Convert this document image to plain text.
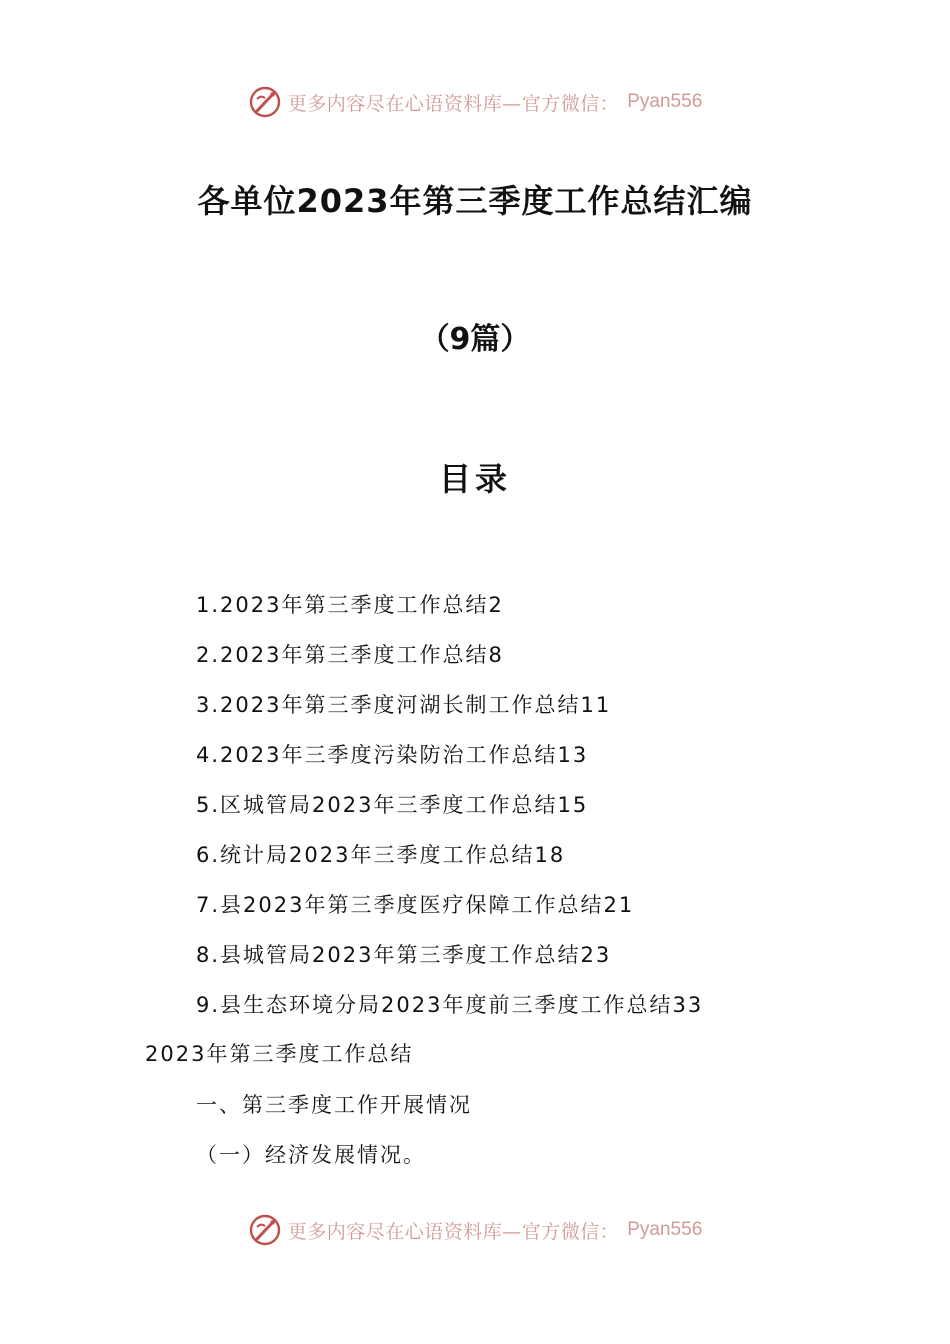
更多内容尽在心语资料库—官方微信： Pyan556
各单位2023年第三季度工作总结汇编
（9篇）
目录
1.2023年第三季度工作总结2
2.2023年第三季度工作总结8
3.2023年第三季度河湖长制工作总结11
4.2023年三季度污染防治工作总结13
5.区城管局2023年三季度工作总结15
6.统计局2023年三季度工作总结18
7.县2023年第三季度医疗保障工作总结21
8.县城管局2023年第三季度工作总结23
9.县生态环境分局2023年度前三季度工作总结33
2023年第三季度工作总结
一、第三季度工作开展情况
（一）经济发展情况。
更多内容尽在心语资料库—官方微信： Pyan556
